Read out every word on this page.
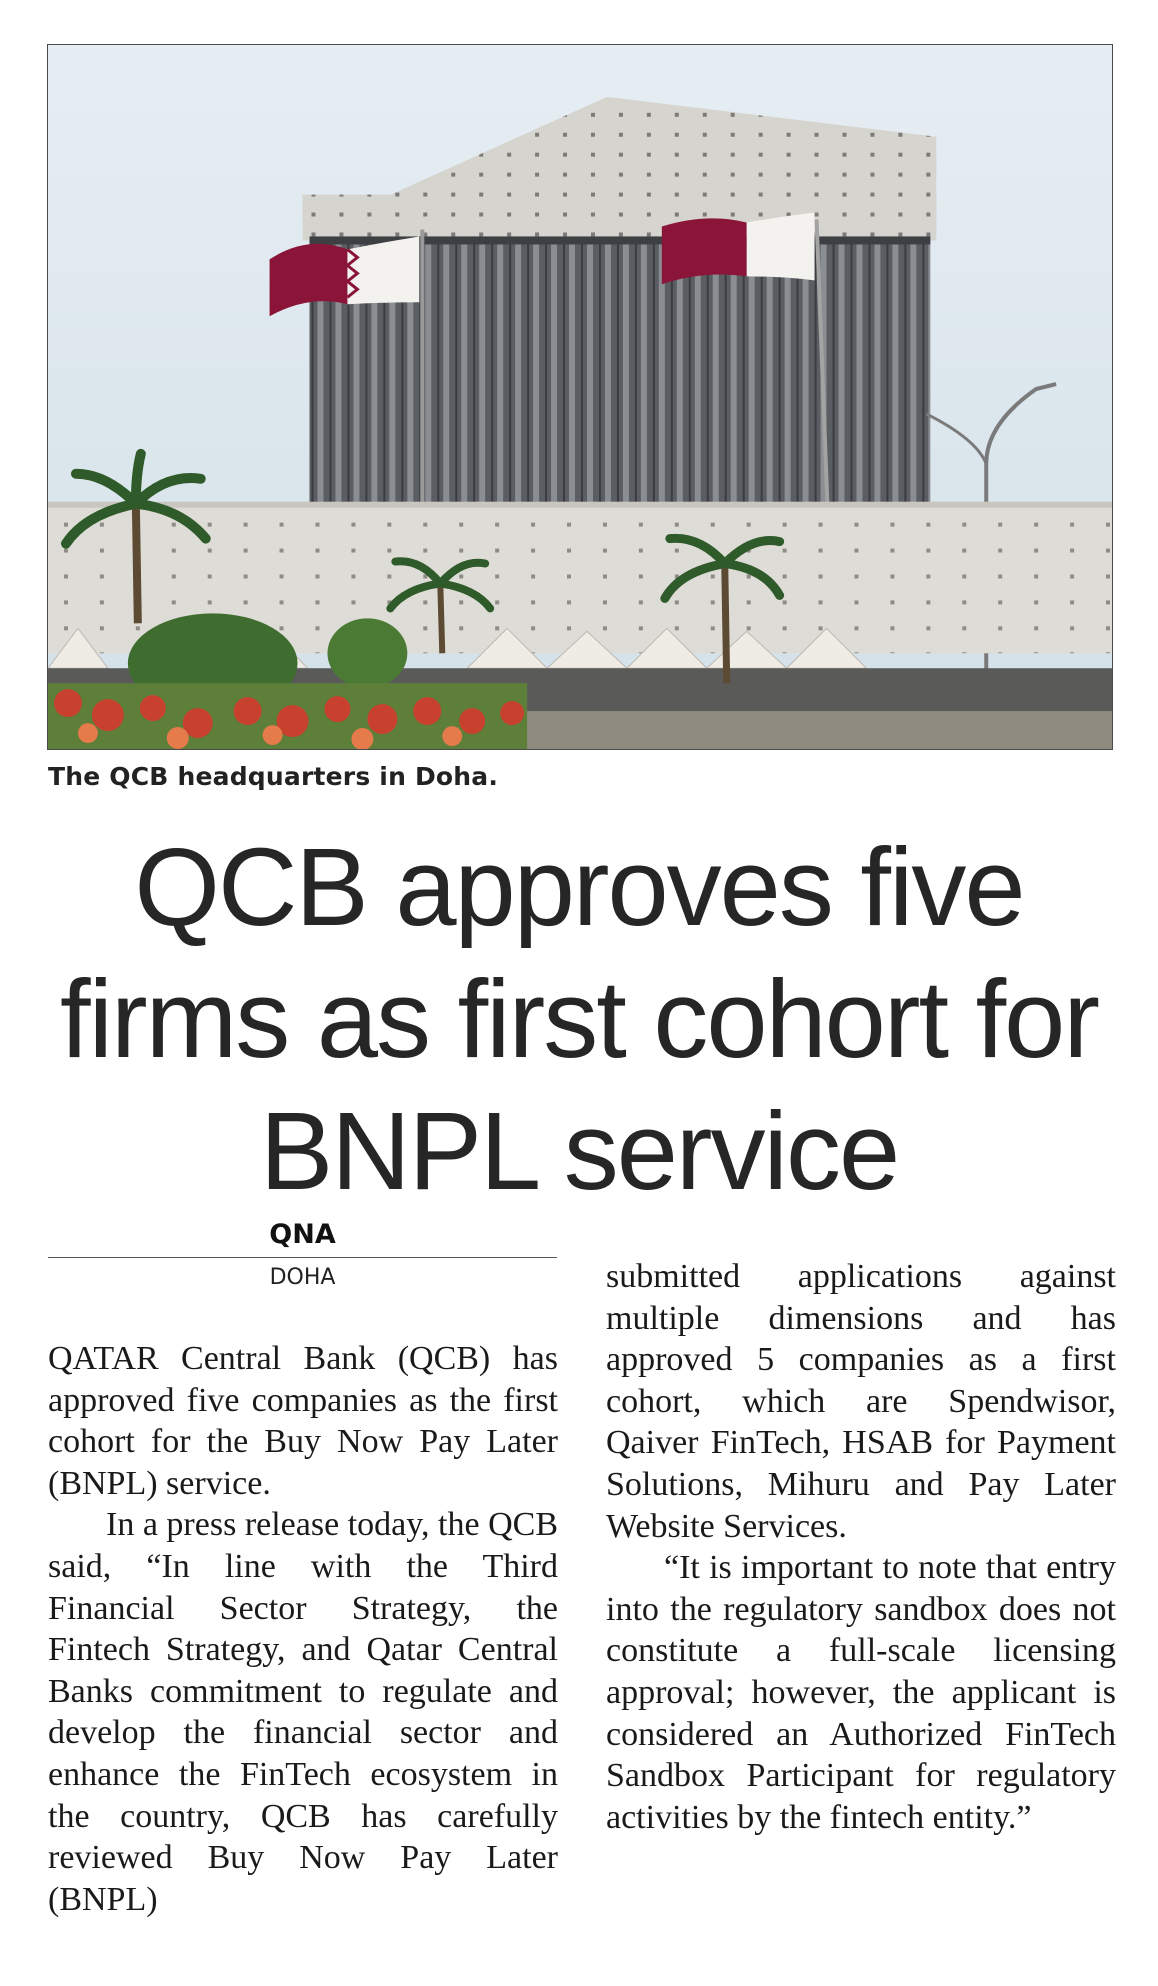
The QCB headquarters in Doha.
QCB approves five firms as first cohort for BNPL service
QNA
DOHA

QATAR Central Bank (QCB) has approved five companies as the first cohort for the Buy Now Pay Later (BNPL) service.

In a press release today, the QCB said, “In line with the Third Financial Sector Strategy, the Fintech Strategy, and Qatar Central Banks commitment to regulate and develop the financial sector and enhance the FinTech ecosystem in the country, QCB has carefully reviewed Buy Now Pay Later (BNPL)

submitted applications against multiple dimensions and has approved 5 companies as a first cohort, which are Spendwisor, Qaiver FinTech, HSAB for Payment Solutions, Mihuru and Pay Later Website Services.

“It is important to note that entry into the regulatory sandbox does not constitute a full-scale licensing approval; however, the applicant is considered an Authorized FinTech Sandbox Participant for regulatory activities by the fintech entity.”
